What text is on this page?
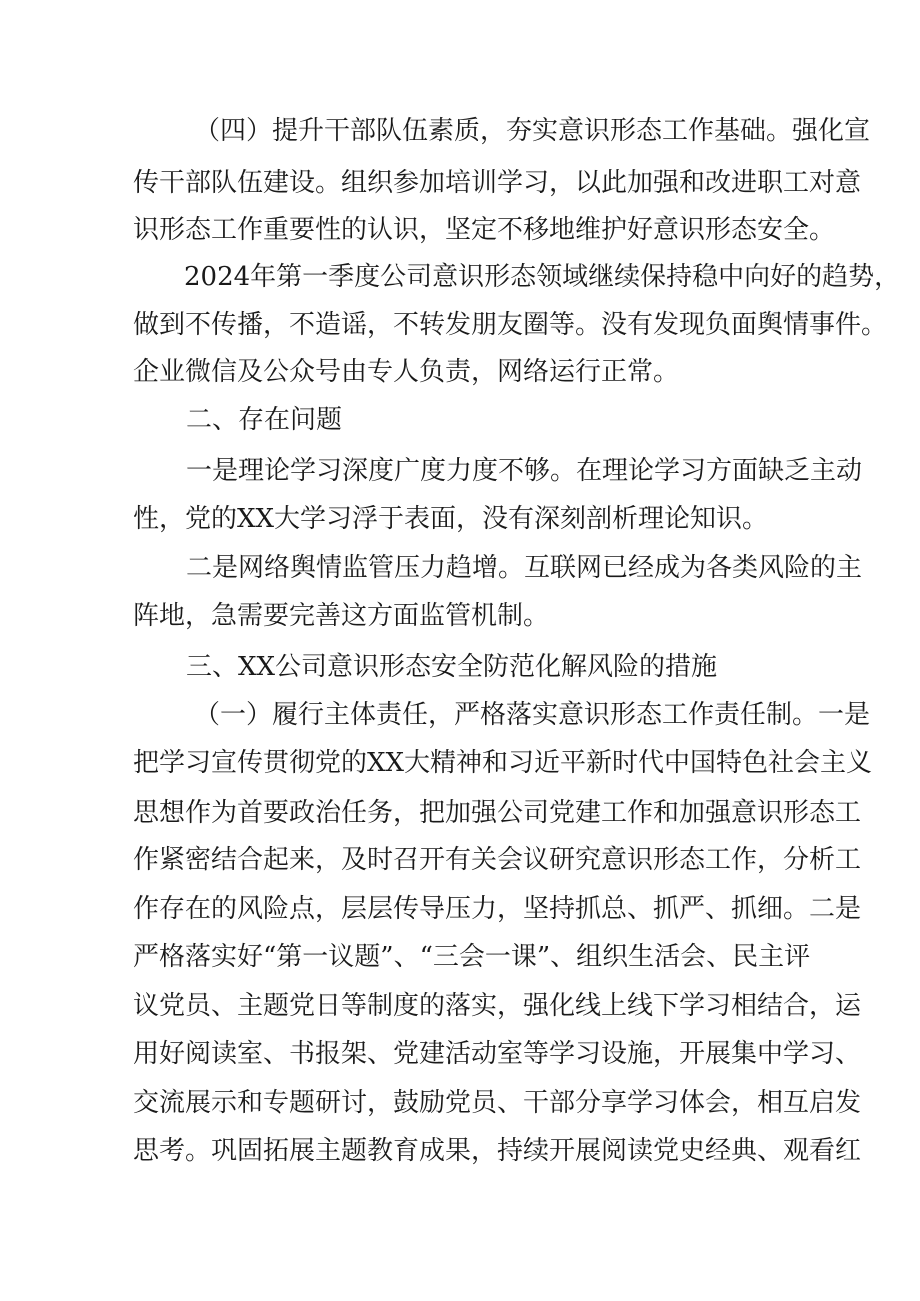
（四）提升干部队伍素质，夯实意识形态工作基础。强化宣
传干部队伍建设。组织参加培训学习，以此加强和改进职工对意
识形态工作重要性的认识，坚定不移地维护好意识形态安全。
2024年第一季度公司意识形态领域继续保持稳中向好的趋势，
做到不传播，不造谣，不转发朋友圈等。没有发现负面舆情事件。
企业微信及公众号由专人负责，网络运行正常。
二、存在问题
一是理论学习深度广度力度不够。在理论学习方面缺乏主动
性，党的XX大学习浮于表面，没有深刻剖析理论知识。
二是网络舆情监管压力趋增。互联网已经成为各类风险的主
阵地，急需要完善这方面监管机制。
三、XX公司意识形态安全防范化解风险的措施
（一）履行主体责任，严格落实意识形态工作责任制。一是
把学习宣传贯彻党的XX大精神和习近平新时代中国特色社会主义
思想作为首要政治任务，把加强公司党建工作和加强意识形态工
作紧密结合起来，及时召开有关会议研究意识形态工作，分析工
作存在的风险点，层层传导压力，坚持抓总、抓严、抓细。二是
严格落实好“第一议题”、“三会一课”、组织生活会、民主评
议党员、主题党日等制度的落实，强化线上线下学习相结合，运
用好阅读室、书报架、党建活动室等学习设施，开展集中学习、
交流展示和专题研讨，鼓励党员、干部分享学习体会，相互启发
思考。巩固拓展主题教育成果，持续开展阅读党史经典、观看红
